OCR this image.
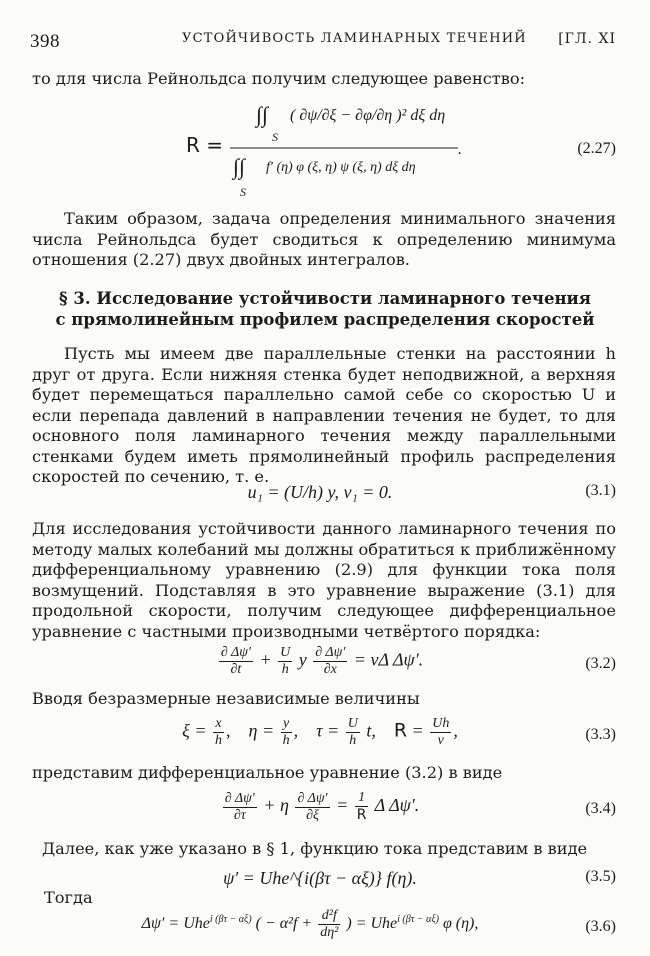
398	УСТОЙЧИВОСТЬ ЛАМИНАРНЫХ ТЕЧЕНИЙ [ГЛ. XI
то для числа Рейнольдса получим следующее равенство:
R =
∫∫
S
( ∂ψ/∂ξ − ∂φ/∂η )² dξ dη
∫∫
S
f′ (η) φ (ξ, η) ψ (ξ, η) dξ dη
.	(2.27)
Таким образом, задача определения минимального значения числа Рейнольдса будет сводиться к определению минимума отношения (2.27) двух двойных интегралов.
§ 3. Исследование устойчивости ламинарного течения
с прямолинейным профилем распределения скоростей
Пусть мы имеем две параллельные стенки на расстоянии h друг от друга. Если нижняя стенка будет неподвижной, а верхняя будет перемещаться параллельно самой себе со скоростью U и если перепада давлений в направлении течения не будет, то для основного поля ламинарного течения между параллельными стенками будем иметь прямолинейный профиль распределения скоростей по сечению, т. е.
u₁ = (U/h) y, v₁ = 0.	(3.1)
Для исследования устойчивости данного ламинарного течения по методу малых колебаний мы должны обратиться к приближённому дифференциальному уравнению (2.9) для функции тока поля возмущений. Подставляя в это уравнение выражение (3.1) для продольной скорости, получим следующее дифференциальное уравнение с частными производными четвёртого порядка:
$\frac{\partial \Delta\psi'}{\partial t} + \frac{U}{h}$ y $\frac{\partial \Delta\psi'}{\partial x} = \nu\Delta$ Δψ′.	(3.2)
Вводя безразмерные независимые величины
$\xi = \frac{x}{h}$ ,    $\eta = \frac{y}{h}$ ,    $\tau = \frac{U}{h} t$,    $R = \frac{Uh}{\nu}$ ,	(3.3)
представим дифференциальное уравнение (3.2) в виде
$\frac{\partial \Delta\psi'}{\partial\tau} + \eta \frac{\partial \Delta\psi'}{\partial\xi} = \frac{1}{R}$ Δ Δψ′.	(3.4)
Далее, как уже указано в § 1, функцию тока представим в виде
ψ′ = Uhe^{i(βτ − αξ)} f(η).	(3.5)
Тогда
Δψ′ = Uhe$^{i (\beta\tau - \alpha\xi)}$ ( − $\alpha^2f + \frac{\text{d²f}}{\text{dη²}}$ ) = Uhe$^{i (\beta\tau - \alpha\xi)}$ φ (η),	(3.6)
